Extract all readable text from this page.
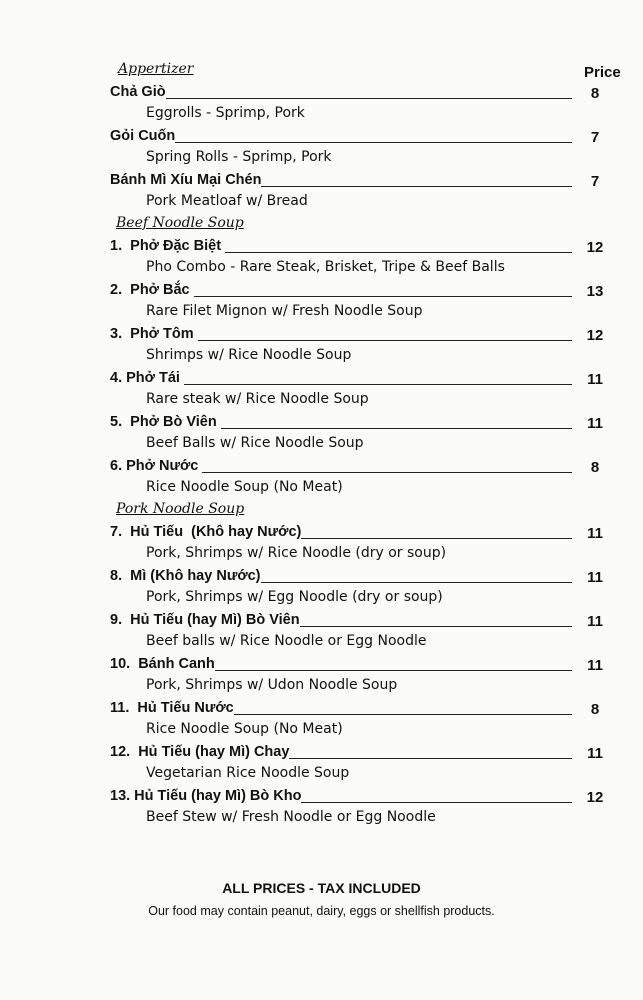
Price
Appertizer
Chả Giò	8
Eggrolls - Sprimp, Pork
Gỏi Cuốn	7
Spring Rolls - Sprimp, Pork
Bánh Mì Xíu Mại Chén	7
Pork Meatloaf w/ Bread
Beef Noodle Soup
1.  Phở Đặc Biệt	12
Pho Combo - Rare Steak, Brisket, Tripe & Beef Balls
2.  Phở Bắc	13
Rare Filet Mignon w/ Fresh Noodle Soup
3.  Phở Tôm	12
Shrimps w/ Rice Noodle Soup
4. Phở Tái	11
Rare steak w/ Rice Noodle Soup
5.  Phở Bò Viên	11
Beef Balls w/ Rice Noodle Soup
6. Phở Nước	8
Rice Noodle Soup (No Meat)
Pork Noodle Soup
7.  Hủ Tiếu  (Khô hay Nước)	11
Pork, Shrimps w/ Rice Noodle (dry or soup)
8.  Mì (Khô hay Nước)	11
Pork, Shrimps w/ Egg Noodle (dry or soup)
9.  Hủ Tiếu (hay Mì) Bò Viên	11
Beef balls w/ Rice Noodle or Egg Noodle
10.  Bánh Canh	11
Pork, Shrimps w/ Udon Noodle Soup
11.  Hủ Tiếu Nước	8
Rice Noodle Soup (No Meat)
12.  Hủ Tiếu (hay Mì) Chay	11
Vegetarian Rice Noodle Soup
13. Hủ Tiếu (hay Mì) Bò Kho	12
Beef Stew w/ Fresh Noodle or Egg Noodle
ALL PRICES - TAX INCLUDED
Our food may contain peanut, dairy, eggs or shellfish products.
